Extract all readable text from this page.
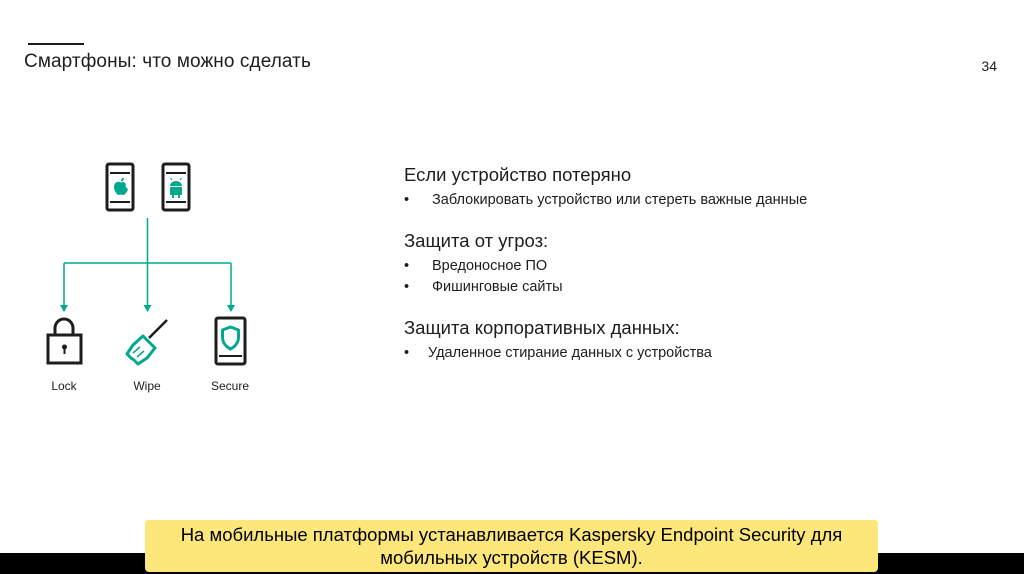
Смартфоны: что можно сделать	34
Lock	Wipe	Secure
Если устройство потеряно
• Заблокировать устройство или стереть важные данные
Защита от угроз:
• Вредоносное ПО
• Фишинговые сайты
Защита корпоративных данных:
• Удаленное стирание данных с устройства
На мобильные платформы устанавливается Kaspersky Endpoint Security для
мобильных устройств (KESM).
